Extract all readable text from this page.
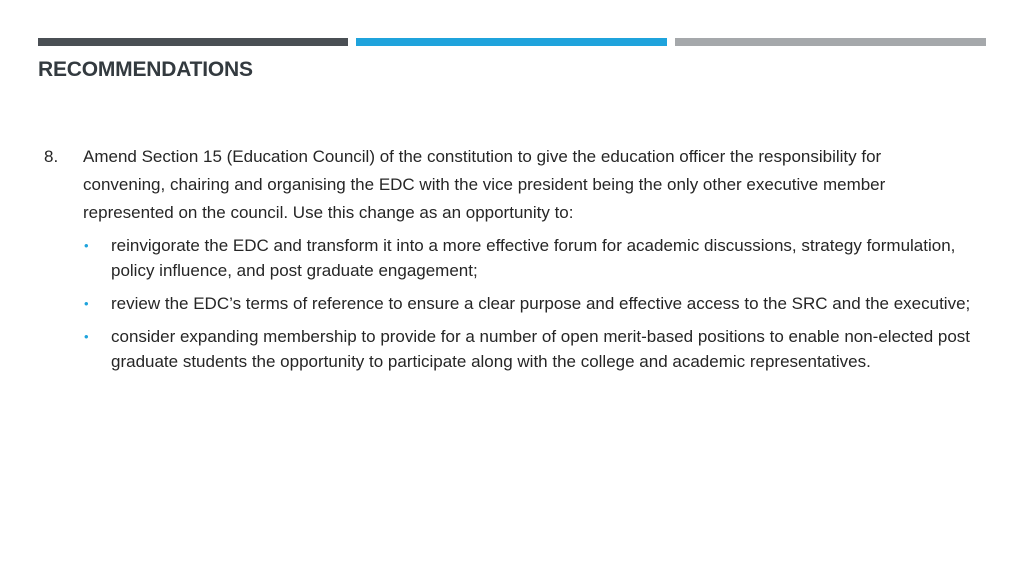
RECOMMENDATIONS
8. Amend Section 15 (Education Council) of the constitution to give the education officer the responsibility for convening, chairing and organising the EDC with the vice president being the only other executive member represented on the council. Use this change as an opportunity to:

• reinvigorate the EDC and transform it into a more effective forum for academic discussions, strategy formulation, policy influence, and post graduate engagement;
• review the EDC’s terms of reference to ensure a clear purpose and effective access to the SRC and the executive;
• consider expanding membership to provide for a number of open merit-based positions to enable non-elected post graduate students the opportunity to participate along with the college and academic representatives.
